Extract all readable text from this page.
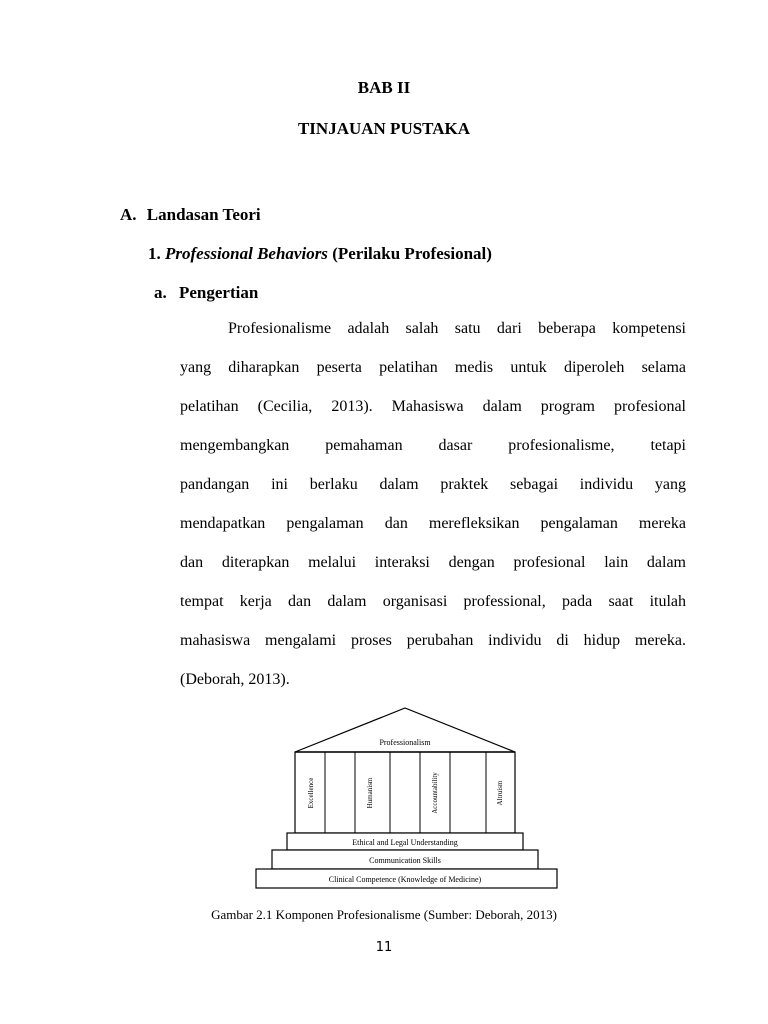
BAB II
TINJAUAN PUSTAKA
A. Landasan Teori
1. Professional Behaviors (Perilaku Profesional)
a. Pengertian
Profesionalisme adalah salah satu dari beberapa kompetensi
yang diharapkan peserta pelatihan medis untuk diperoleh selama
pelatihan (Cecilia, 2013). Mahasiswa dalam program profesional
mengembangkan pemahaman dasar profesionalisme, tetapi
pandangan ini berlaku dalam praktek sebagai individu yang
mendapatkan pengalaman dan merefleksikan pengalaman mereka
dan diterapkan melalui interaksi dengan profesional lain dalam
tempat kerja dan dalam organisasi professional, pada saat itulah
mahasiswa mengalami proses perubahan individu di hidup mereka.
(Deborah, 2013).
Professionalism
Excellence	Humanism	Accountability	Altruism
Ethical and Legal Understanding
Communication Skills
Clinical Competence (Knowledge of Medicine)
Gambar 2.1 Komponen Profesionalisme (Sumber: Deborah, 2013)
11
